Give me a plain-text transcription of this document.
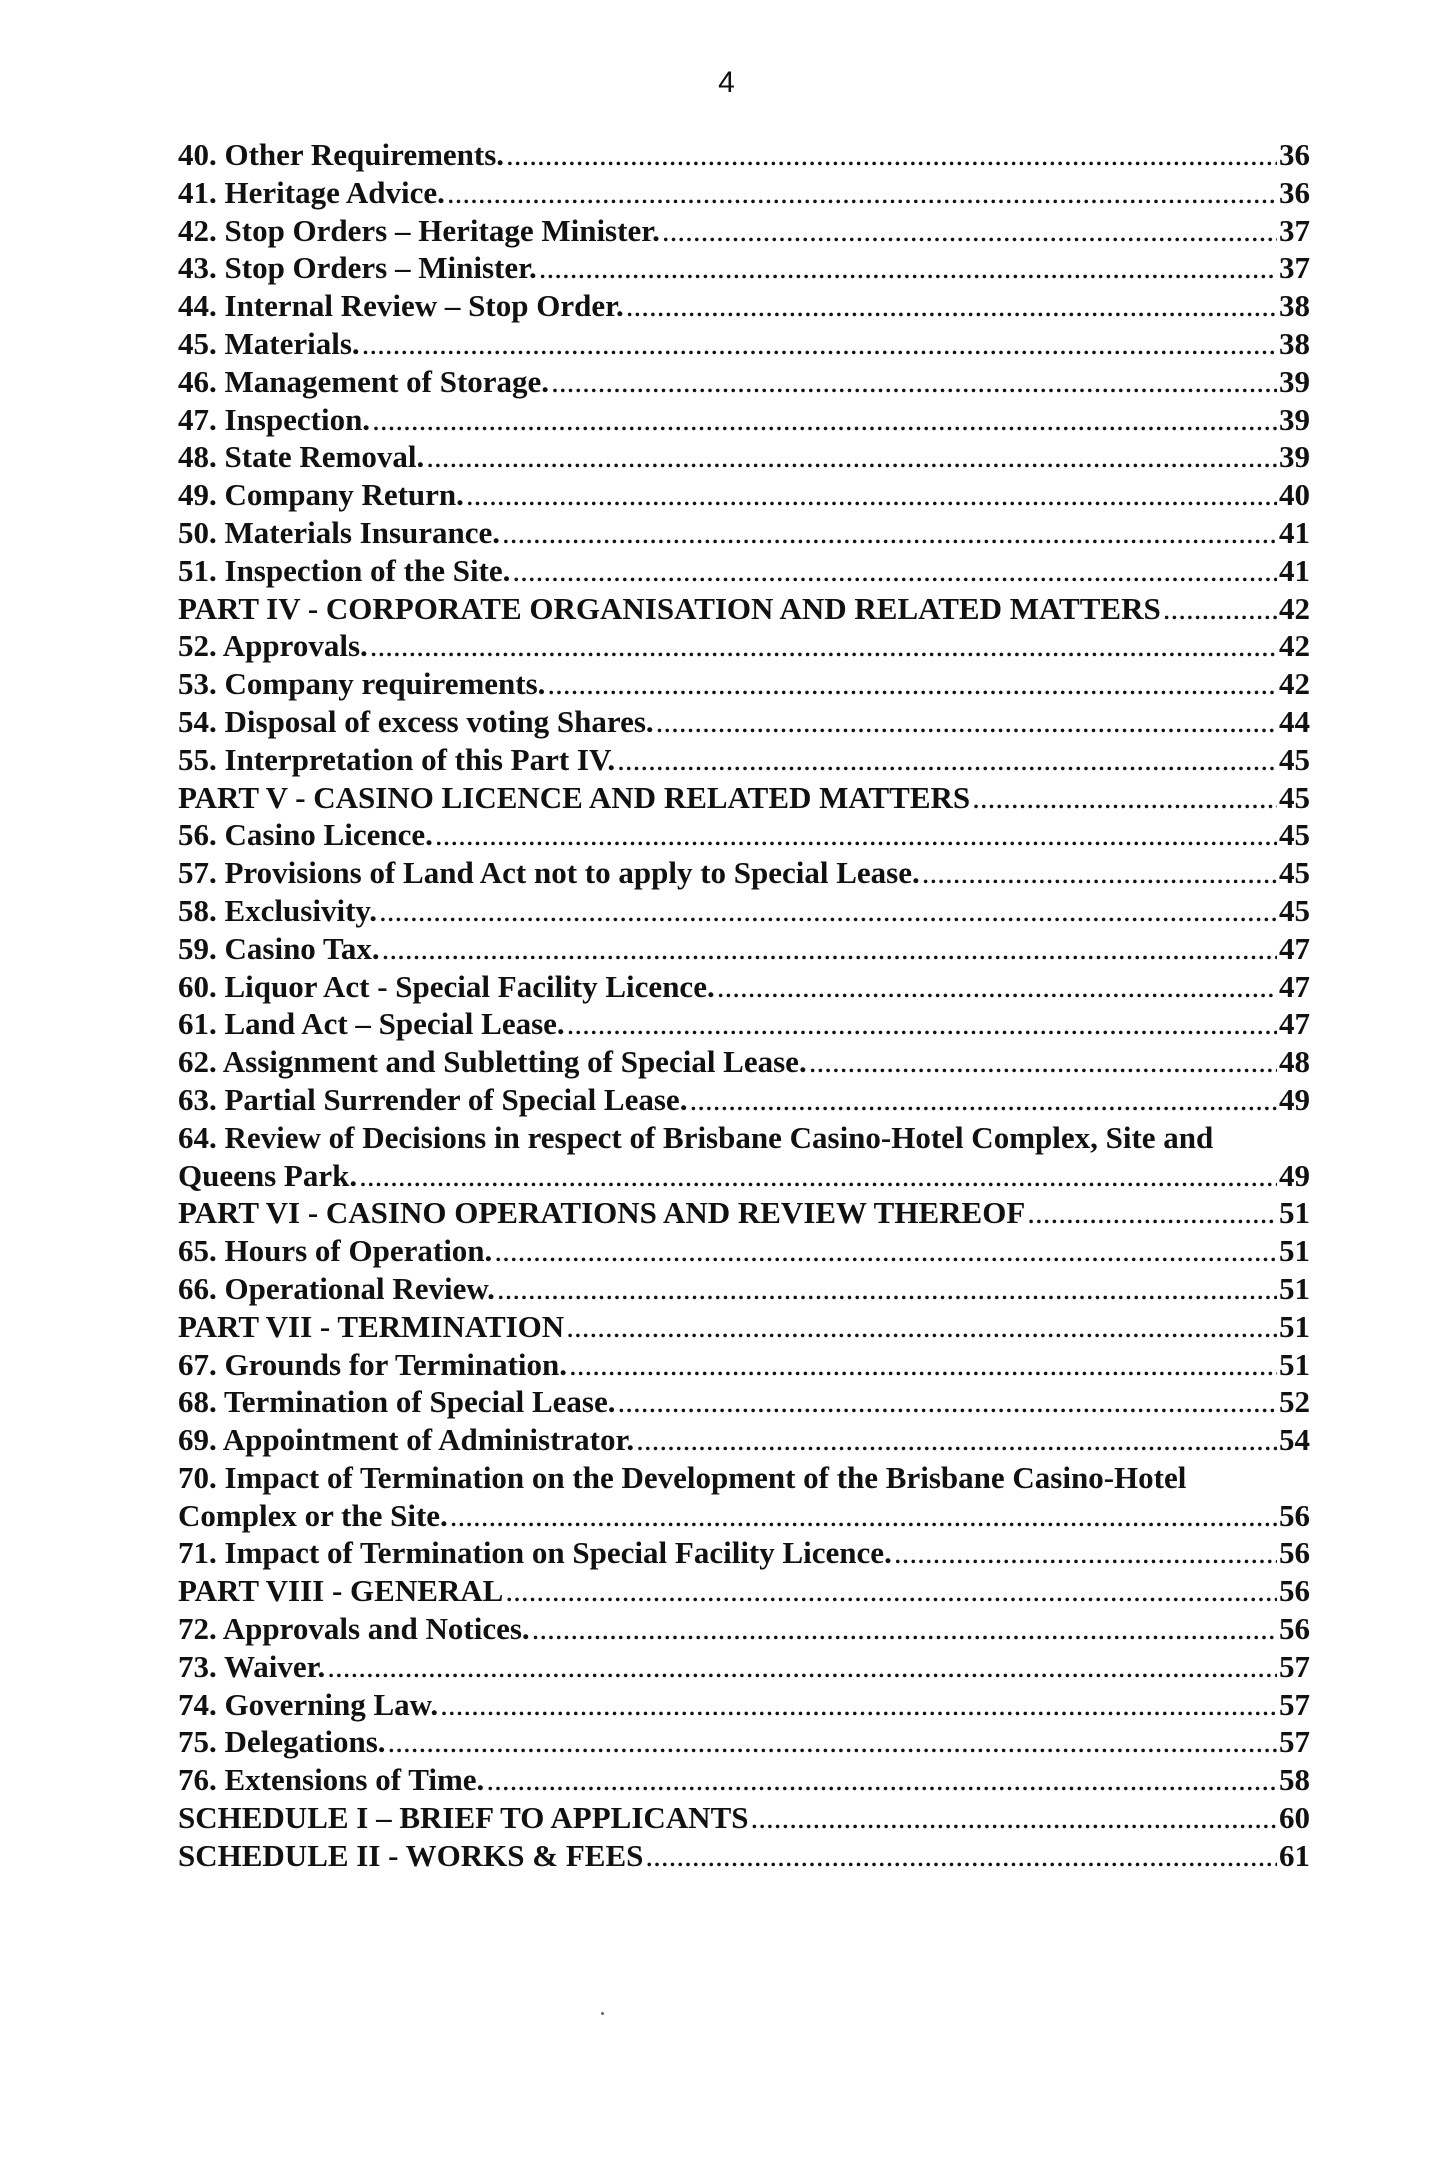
4
40. Other Requirements. .....	36
41. Heritage Advice. .....	36
42. Stop Orders – Heritage Minister. .....	37
43. Stop Orders – Minister. .....	37
44. Internal Review – Stop Order. .....	38
45. Materials. .....	38
46. Management of Storage. .....	39
47. Inspection. .....	39
48. State Removal. .....	39
49. Company Return. .....	40
50. Materials Insurance. .....	41
51. Inspection of the Site. .....	41
PART IV - CORPORATE ORGANISATION AND RELATED MATTERS .....	42
52. Approvals. .....	42
53. Company requirements. .....	42
54. Disposal of excess voting Shares. .....	44
55. Interpretation of this Part IV. .....	45
PART V - CASINO LICENCE AND RELATED MATTERS .....	45
56. Casino Licence. .....	45
57. Provisions of Land Act not to apply to Special Lease. .....	45
58. Exclusivity. .....	45
59. Casino Tax. .....	47
60. Liquor Act - Special Facility Licence. .....	47
61. Land Act – Special Lease. .....	47
62. Assignment and Subletting of Special Lease. .....	48
63. Partial Surrender of Special Lease. .....	49
64. Review of Decisions in respect of Brisbane Casino-Hotel Complex, Site and
Queens Park. .....	49
PART VI - CASINO OPERATIONS AND REVIEW THEREOF .....	51
65. Hours of Operation. .....	51
66. Operational Review. .....	51
PART VII - TERMINATION .....	51
67. Grounds for Termination. .....	51
68. Termination of Special Lease. .....	52
69. Appointment of Administrator. .....	54
70. Impact of Termination on the Development of the Brisbane Casino-Hotel
Complex or the Site. .....	56
71. Impact of Termination on Special Facility Licence. .....	56
PART VIII - GENERAL .....	56
72. Approvals and Notices. .....	56
73. Waiver. .....	57
74. Governing Law. .....	57
75. Delegations. .....	57
76. Extensions of Time. .....	58
SCHEDULE I – BRIEF TO APPLICANTS .....	60
SCHEDULE II - WORKS & FEES .....	61
